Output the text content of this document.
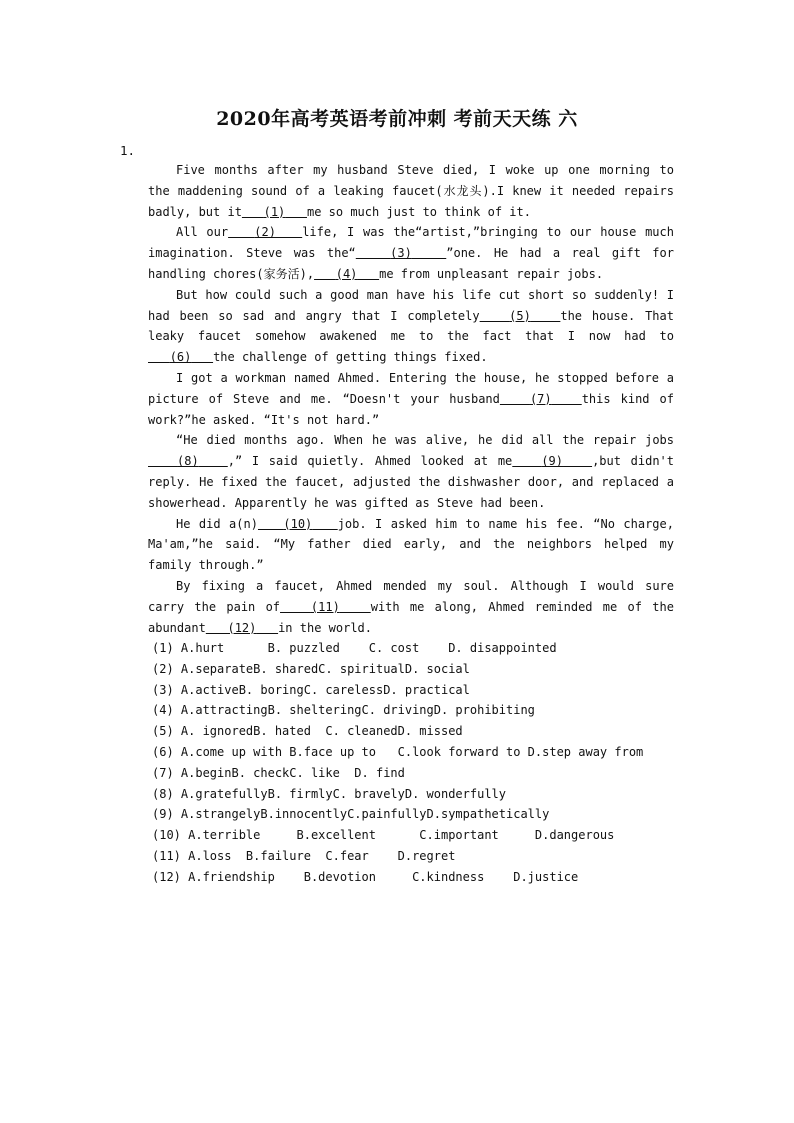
2020年高考英语考前冲刺 考前天天练 六
1.

Five months after my husband Steve died, I woke up one morning to the maddening sound of a leaking faucet(水龙头).I knew it needed repairs badly, but it (1) me so much just to think of it.

All our (2) life, I was the“artist,”bringing to our house much imagination. Steve was the“	(3)	”one. He had a real gift for handling chores(家务活), (4) me from unpleasant repair jobs.

But how could such a good man have his life cut short so suddenly! I had been so sad and angry that I completely (5) the house. That leaky faucet somehow awakened me to the fact that I now had to   (6) the challenge of getting things fixed.

I got a workman named Ahmed. Entering the house, he stopped before a picture of Steve and me. “Doesn't your husband	(7)	this kind of work?”he asked. “It's not hard.”

“He died months ago. When he was alive, he did all the repair jobs   (8) ,” I said quietly. Ahmed looked at me (9) ,but didn't reply. He fixed the faucet, adjusted the dishwasher door, and replaced a showerhead. Apparently he was gifted as Steve had been.

He did a(n) (10) job. I asked him to name his fee. “No charge, Ma'am,”he said. “My father died early, and the neighbors helped my family through.”

By fixing a faucet, Ahmed mended my soul. Although I would sure carry the pain of	(11)	with me along, Ahmed reminded me of the abundant (12) in the world.

(1) A.hurt      B. puzzled    C. cost    D. disappointed
(2) A.separateB. sharedC. spiritualD. social
(3) A.activeB. boringC. carelessD. practical
(4) A.attractingB. shelteringC. drivingD. prohibiting
(5) A. ignoredB. hated  C. cleanedD. missed
(6) A.come up with B.face up to   C.look forward to D.step away from
(7) A.beginB. checkC. like  D. find
(8) A.gratefullyB. firmlyC. bravelyD. wonderfully
(9) A.strangelyB.innocentlyC.painfullyD.sympathetically
(10) A.terrible     B.excellent      C.important     D.dangerous
(11) A.loss  B.failure  C.fear    D.regret
(12) A.friendship    B.devotion     C.kindness    D.justice
